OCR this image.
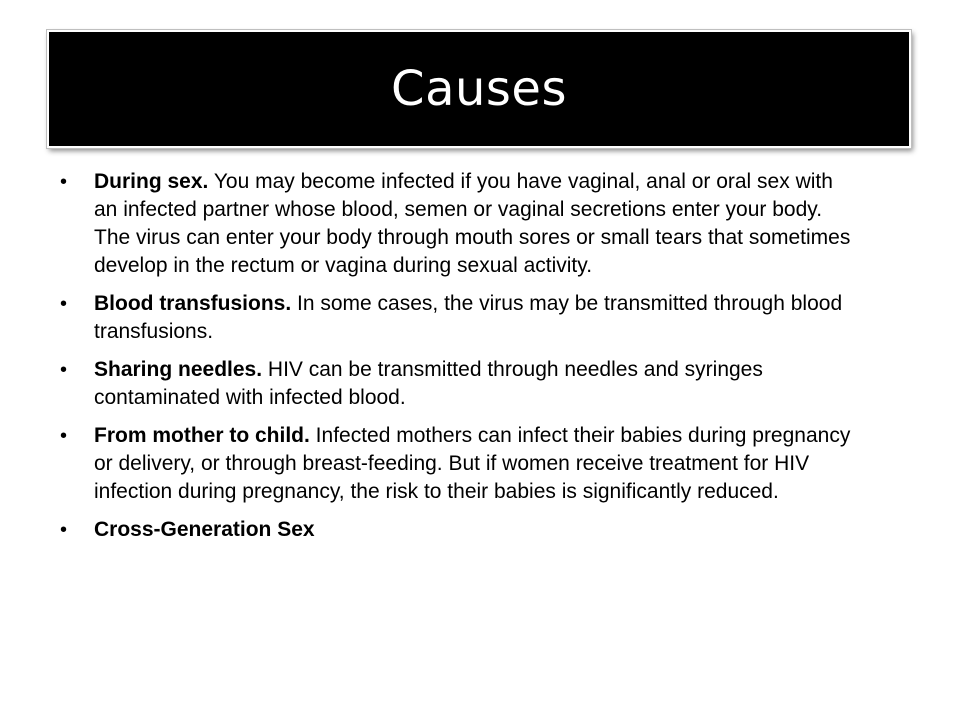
Causes
• During sex. You may become infected if you have vaginal, anal or oral sex with an infected partner whose blood, semen or vaginal secretions enter your body. The virus can enter your body through mouth sores or small tears that sometimes develop in the rectum or vagina during sexual activity.
• Blood transfusions. In some cases, the virus may be transmitted through blood transfusions.
• Sharing needles. HIV can be transmitted through needles and syringes contaminated with infected blood.
• From mother to child. Infected mothers can infect their babies during pregnancy or delivery, or through breast-feeding. But if women receive treatment for HIV infection during pregnancy, the risk to their babies is significantly reduced.
• Cross-Generation Sex
